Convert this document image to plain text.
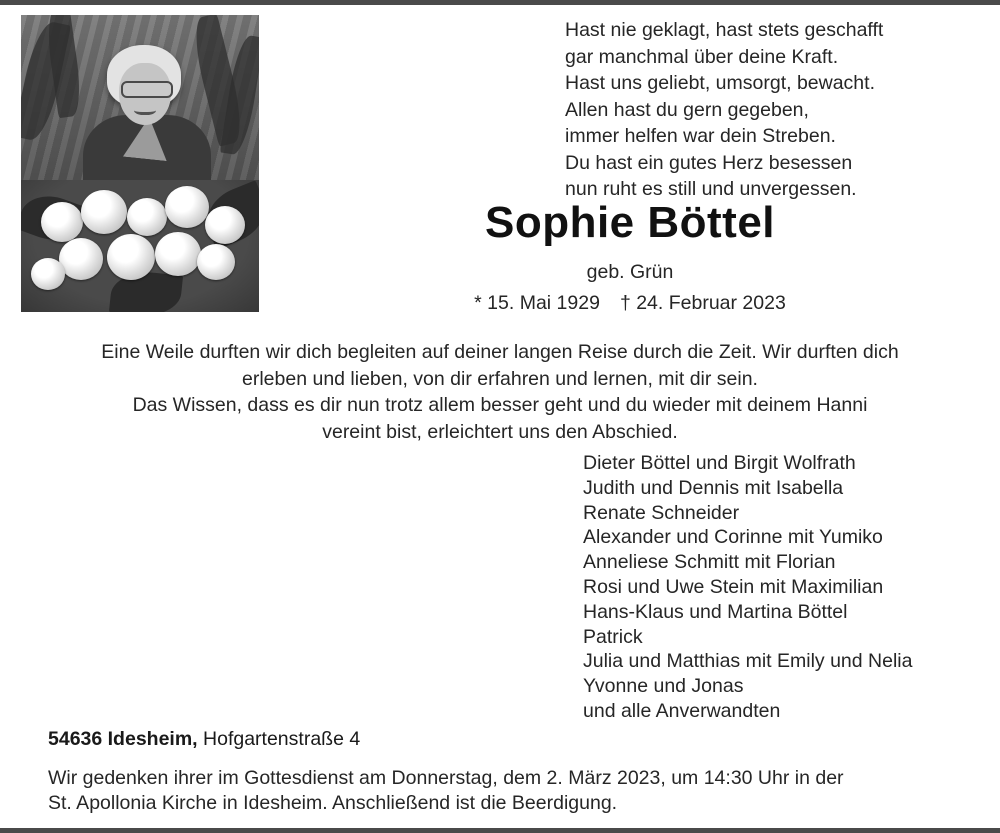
Hast nie geklagt, hast stets geschafft
gar manchmal über deine Kraft.
Hast uns geliebt, umsorgt, bewacht.
Allen hast du gern gegeben,
immer helfen war dein Streben.
Du hast ein gutes Herz besessen
nun ruht es still und unvergessen.
Sophie Böttel
geb. Grün
* 15. Mai 1929 † 24. Februar 2023
Eine Weile durften wir dich begleiten auf deiner langen Reise durch die Zeit. Wir durften dich
erleben und lieben, von dir erfahren und lernen, mit dir sein.
Das Wissen, dass es dir nun trotz allem besser geht und du wieder mit deinem Hanni
vereint bist, erleichtert uns den Abschied.
Dieter Böttel und Birgit Wolfrath
Judith und Dennis mit Isabella
Renate Schneider
Alexander und Corinne mit Yumiko
Anneliese Schmitt mit Florian
Rosi und Uwe Stein mit Maximilian
Hans-Klaus und Martina Böttel
Patrick
Julia und Matthias mit Emily und Nelia
Yvonne und Jonas
und alle Anverwandten
54636 Idesheim, Hofgartenstraße 4
Wir gedenken ihrer im Gottesdienst am Donnerstag, dem 2. März 2023, um 14:30 Uhr in der
St. Apollonia Kirche in Idesheim. Anschließend ist die Beerdigung.
